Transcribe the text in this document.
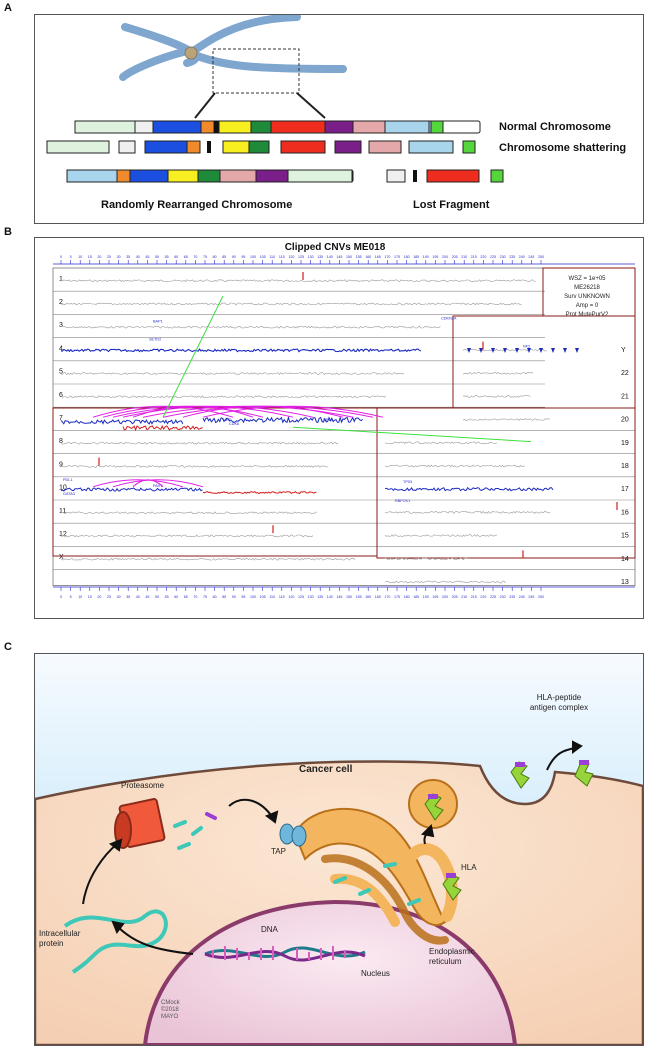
Normal Chromosome
Chromosome shattering
Randomly Rearranged Chromosome	Lost Fragment
A
Clipped CNVs ME018
0
0
5
5
10
10
15
15
20
20
25
25
30
30
35
35
40
40
45
45
50
50
55
55
60
60
65
65
70
70
75
75
80
80
85
85
90
90
95
95
100
100
105
105
110
110
115
115
120
120
125
125
130
130
135
135
140
140
145
145
150
150
155
155
160
160
165
165
170
170
175
175
180
180
185
185
190
190
195
195
200
200
205
205
210
210
215
215
220
220
225
225
230
230
235
235
240
240
245
245
250
250
1
2
3
4
5
6
7
8
9
10
11
12
X
WSZ = 1e+05
ME26218
Surv UNKNOWN
Amp = 0
Prot MutePurV2
Y
22
21
20
19
18
17
16
15
14
13
BAP1
SETD2
CDKN2A
NF2
PDL1
PAX7
GATA3
TP53
RBFOX1
MET
CDK6
LRP1B
B
Cancer cell
HLA-peptide antigen complex
Proteasome
TAP
HLA
Intracellular protein
DNA
Nucleus
Endoplasmic reticulum
CMock ©2018 MAYO
C
